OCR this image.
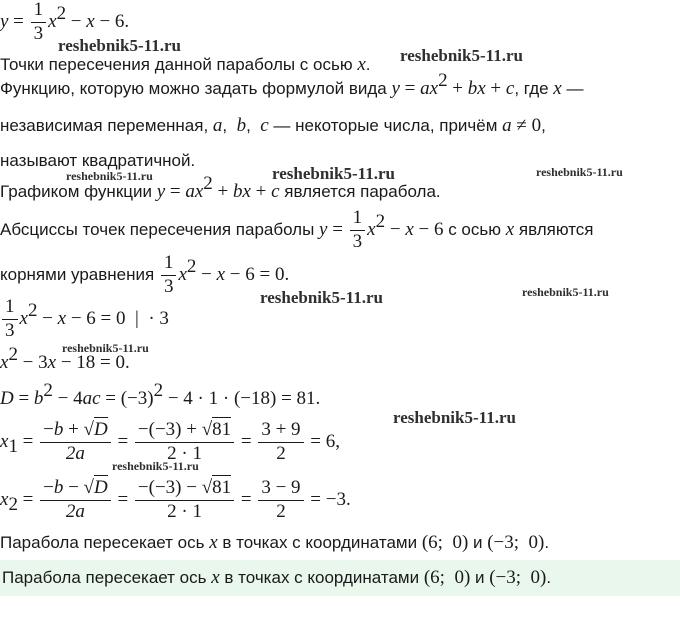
$y = \frac{1}{3} x^2 - x - 6$.
Точки пересечения данной параболы с осью x.
Функцию, которую можно задать формулой вида $y = ax^2$ + bx + c, где x —
независимая переменная, a,  b,  c — некоторые числа, причём a ≠ 0,
называют квадратичной.
Графиком функции $y = ax^2$ + bx + c является парабола.
Абсциссы точек пересечения параболы $y = \frac{1}{3} x^2 - x - 6$ с осью x являются
корнями уравнения $\frac{1}{3} x^2 - x - 6 = 0$.
$\frac{1}{3} x^2 - x - 6 = 0$  |  · 3
$x^2 - 3x - 18 = 0$.
$D = b^2 - 4ac = (-3)^2 - 4 \cdot 1 \cdot (-18) = 81$.
$x_1 = \frac{-b + √D}{2a} = \frac{-(-3) + √81}{2 \cdot 1} = \frac{3 + 9}{2} = 6$,
$x_2 = \frac{-b - √D}{2a} = \frac{-(-3) - √81}{2 \cdot 1} = \frac{3 - 9}{2} = -3$.
Парабола пересекает ось x в точках с координатами (6;  0) и (−3;  0).
Парабола пересекает ось x в точках с координатами (6;  0) и (−3;  0).
reshebnik5-11.ru
reshebnik5-11.ru
reshebnik5-11.ru	reshebnik5-11.ru
reshebnik5-11.ru
reshebnik5-11.ru	reshebnik5-11.ru
reshebnik5-11.ru
reshebnik5-11.ru
reshebnik5-11.ru
